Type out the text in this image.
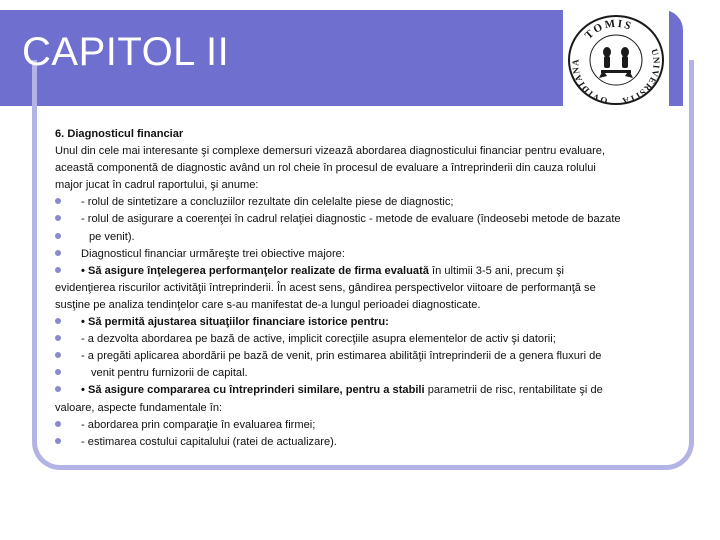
CAPITOL II	TOMIS
UNIVERSITA
OVIDIANA
6. Diagnosticul financiar
Unul din cele mai interesante şi complexe demersuri vizează abordarea diagnosticului financiar pentru evaluare,
această componentă de diagnostic având un rol cheie în procesul de evaluare a întreprinderii din cauza rolului
major jucat în cadrul raportului, şi anume:
- rolul de sintetizare a concluziilor rezultate din celelalte piese de diagnostic;
- rolul de asigurare a coerenţei în cadrul relaţiei diagnostic - metode de evaluare (îndeosebi metode de bazate
pe venit).
Diagnosticul financiar urmăreşte trei obiective majore:
• Să asigure înţelegerea performanţelor realizate de firma evaluată în ultimii 3-5 ani, precum şi
evidenţierea riscurilor activităţii întreprinderii. În acest sens, gândirea perspectivelor viitoare de performanţă se
susţine pe analiza tendinţelor care s-au manifestat de-a lungul perioadei diagnosticate.
• Să permită ajustarea situaţiilor financiare istorice pentru:
- a dezvolta abordarea pe bază de active, implicit corecţiile asupra elementelor de activ şi datorii;
- a pregăti aplicarea abordării pe bază de venit, prin estimarea abilităţii întreprinderii de a genera fluxuri de
venit pentru furnizorii de capital.
• Să asigure compararea cu întreprinderi similare, pentru a stabili parametrii de risc, rentabilitate şi de
valoare, aspecte fundamentale în:
- abordarea prin comparaţie în evaluarea firmei;
- estimarea costului capitalului (ratei de actualizare).
